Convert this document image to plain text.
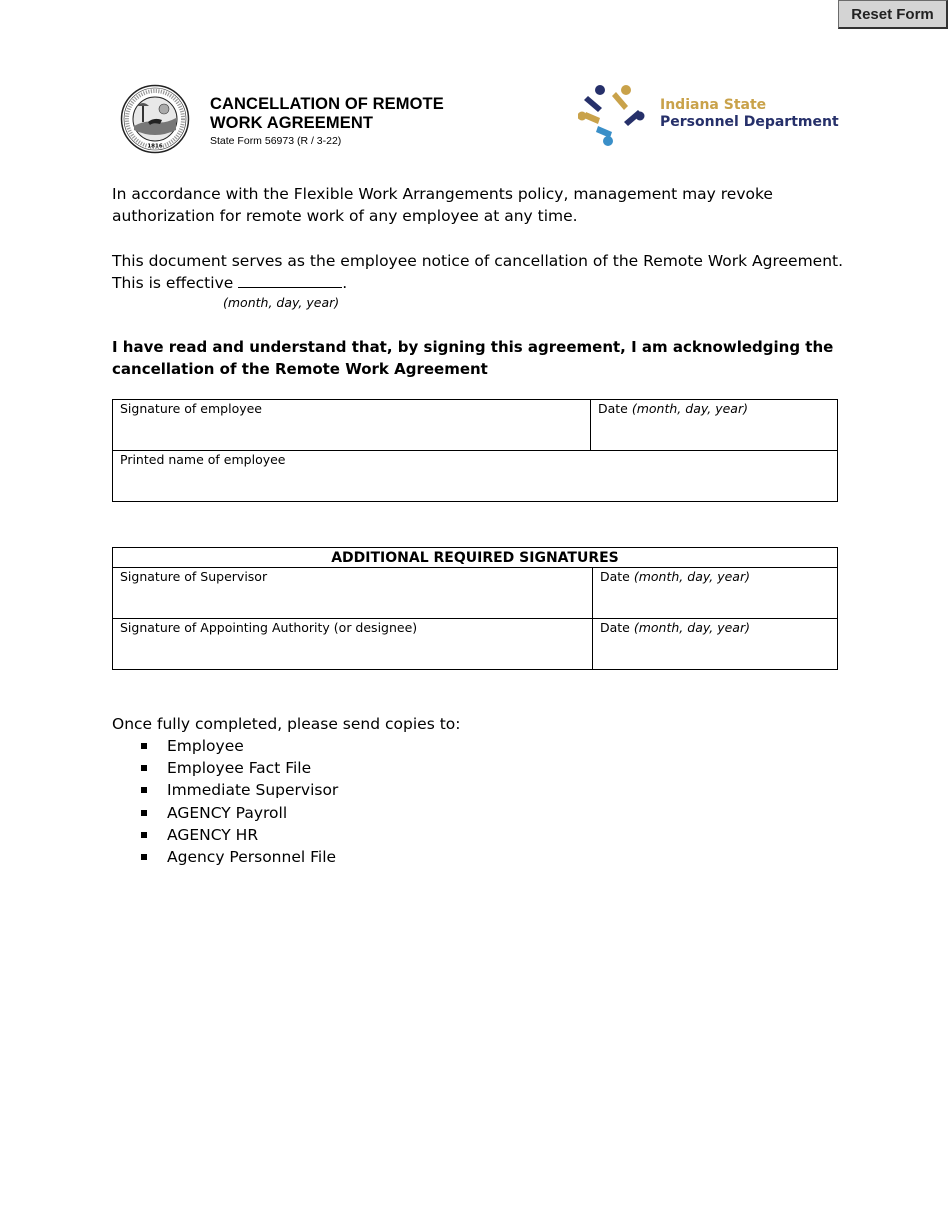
Reset Form
1816
CANCELLATION OF REMOTE
WORK AGREEMENT
State Form 56973 (R / 3-22)
Indiana State
Personnel Department
In accordance with the Flexible Work Arrangements policy, management may revoke authorization for remote work of any employee at any time.
This document serves as the employee notice of cancellation of the Remote Work Agreement.
This is effective	.
(month, day, year)
I have read and understand that, by signing this agreement, I am acknowledging the cancellation of the Remote Work Agreement
Signature of employee	Date (month, day, year)
Printed name of employee
ADDITIONAL REQUIRED SIGNATURES	
Signature of Supervisor	Date (month, day, year)
Signature of Appointing Authority (or designee)	Date (month, day, year)
Once fully completed, please send copies to:
Employee
Employee Fact File
Immediate Supervisor
AGENCY Payroll
AGENCY HR
Agency Personnel File
